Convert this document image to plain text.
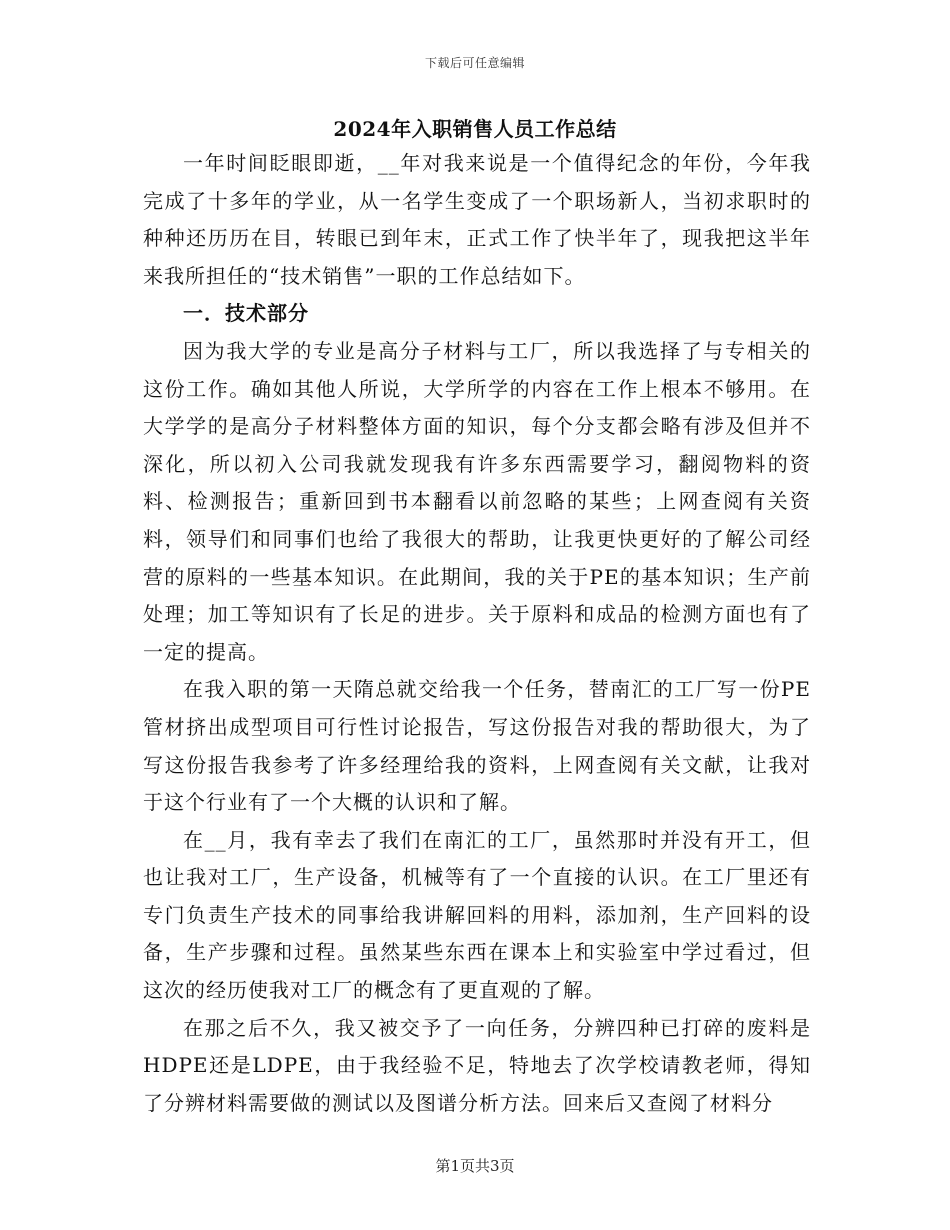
下载后可任意编辑
2024年入职销售人员工作总结

一年时间眨眼即逝，__年对我来说是一个值得纪念的年份，今年我完成了十多年的学业，从一名学生变成了一个职场新人，当初求职时的种种还历历在目，转眼已到年末，正式工作了快半年了，现我把这半年来我所担任的“技术销售”一职的工作总结如下。

一．技术部分

因为我大学的专业是高分子材料与工厂，所以我选择了与专相关的这份工作。确如其他人所说，大学所学的内容在工作上根本不够用。在大学学的是高分子材料整体方面的知识，每个分支都会略有涉及但并不深化，所以初入公司我就发现我有许多东西需要学习，翻阅物料的资料、检测报告；重新回到书本翻看以前忽略的某些；上网查阅有关资料，领导们和同事们也给了我很大的帮助，让我更快更好的了解公司经营的原料的一些基本知识。在此期间，我的关于PE的基本知识；生产前处理；加工等知识有了长足的进步。关于原料和成品的检测方面也有了一定的提高。

在我入职的第一天隋总就交给我一个任务，替南汇的工厂写一份PE管材挤出成型项目可行性讨论报告，写这份报告对我的帮助很大，为了写这份报告我参考了许多经理给我的资料，上网查阅有关文献，让我对于这个行业有了一个大概的认识和了解。

在__月，我有幸去了我们在南汇的工厂，虽然那时并没有开工，但也让我对工厂，生产设备，机械等有了一个直接的认识。在工厂里还有专门负责生产技术的同事给我讲解回料的用料，添加剂，生产回料的设备，生产步骤和过程。虽然某些东西在课本上和实验室中学过看过，但这次的经历使我对工厂的概念有了更直观的了解。

在那之后不久，我又被交予了一向任务，分辨四种已打碎的废料是HDPE还是LDPE，由于我经验不足，特地去了次学校请教老师，得知了分辨材料需要做的测试以及图谱分析方法。回来后又查阅了材料分

第1页共3页
